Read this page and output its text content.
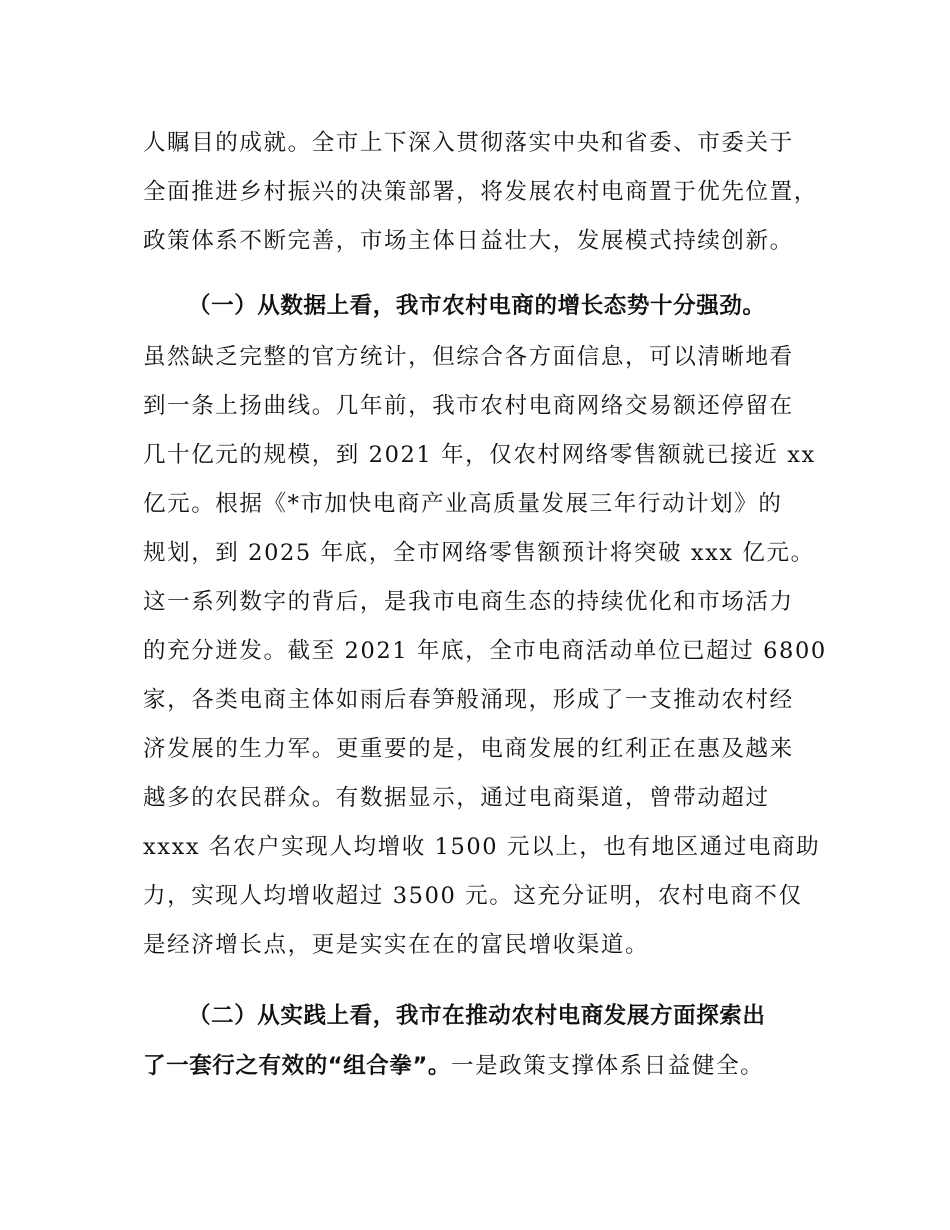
人瞩目的成就。全市上下深入贯彻落实中央和省委、市委关于
全面推进乡村振兴的决策部署，将发展农村电商置于优先位置，
政策体系不断完善，市场主体日益壮大，发展模式持续创新。
（一）从数据上看，我市农村电商的增长态势十分强劲。
虽然缺乏完整的官方统计，但综合各方面信息，可以清晰地看
到一条上扬曲线。几年前，我市农村电商网络交易额还停留在
几十亿元的规模，到 2021 年，仅农村网络零售额就已接近 xx
亿元。根据《*市加快电商产业高质量发展三年行动计划》的
规划，到 2025 年底，全市网络零售额预计将突破 xxx 亿元。
这一系列数字的背后，是我市电商生态的持续优化和市场活力
的充分迸发。截至 2021 年底，全市电商活动单位已超过 6800
家，各类电商主体如雨后春笋般涌现，形成了一支推动农村经
济发展的生力军。更重要的是，电商发展的红利正在惠及越来
越多的农民群众。有数据显示，通过电商渠道，曾带动超过
xxxx 名农户实现人均增收 1500 元以上，也有地区通过电商助
力，实现人均增收超过 3500 元。这充分证明，农村电商不仅
是经济增长点，更是实实在在的富民增收渠道。
（二）从实践上看，我市在推动农村电商发展方面探索出
了一套行之有效的“组合拳”。一是政策支撑体系日益健全。
